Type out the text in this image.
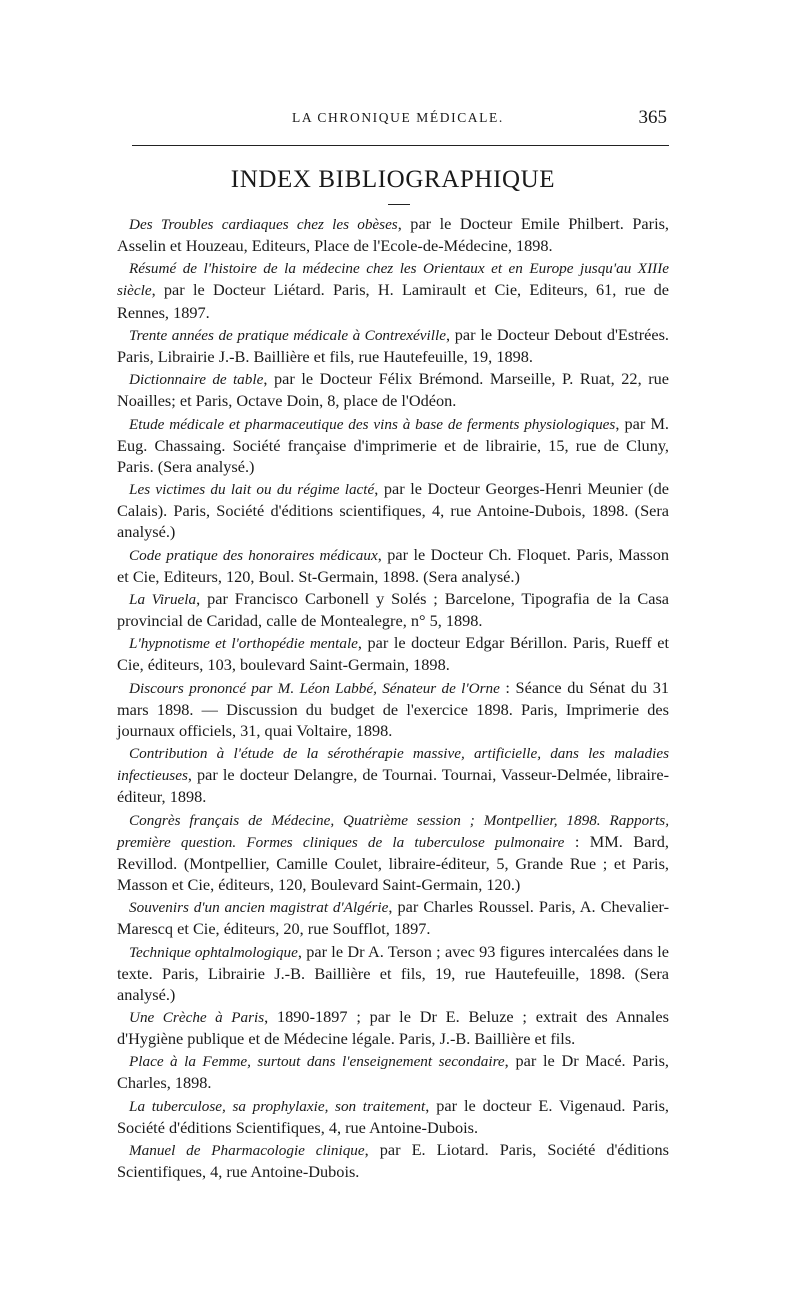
LA CHRONIQUE MÉDICALE.	365
INDEX BIBLIOGRAPHIQUE

Des Troubles cardiaques chez les obèses, par le Docteur Emile Philbert. Paris, Asselin et Houzeau, Editeurs, Place de l'Ecole-de-Médecine, 1898.

Résumé de l'histoire de la médecine chez les Orientaux et en Europe jusqu'au XIIIe siècle, par le Docteur Liétard. Paris, H. Lamirault et Cie, Editeurs, 61, rue de Rennes, 1897.

Trente années de pratique médicale à Contrexéville, par le Docteur Debout d'Estrées. Paris, Librairie J.-B. Baillière et fils, rue Hautefeuille, 19, 1898.

Dictionnaire de table, par le Docteur Félix Brémond. Marseille, P. Ruat, 22, rue Noailles; et Paris, Octave Doin, 8, place de l'Odéon.

Etude médicale et pharmaceutique des vins à base de ferments physiologiques, par M. Eug. Chassaing. Société française d'imprimerie et de librairie, 15, rue de Cluny, Paris. (Sera analysé.)

Les victimes du lait ou du régime lacté, par le Docteur Georges-Henri Meunier (de Calais). Paris, Société d'éditions scientifiques, 4, rue Antoine-Dubois, 1898. (Sera analysé.)

Code pratique des honoraires médicaux, par le Docteur Ch. Floquet. Paris, Masson et Cie, Editeurs, 120, Boul. St-Germain, 1898. (Sera analysé.)

La Viruela, par Francisco Carbonell y Solés ; Barcelone, Tipografia de la Casa provincial de Caridad, calle de Montealegre, n° 5, 1898.

L'hypnotisme et l'orthopédie mentale, par le docteur Edgar Bérillon. Paris, Rueff et Cie, éditeurs, 103, boulevard Saint-Germain, 1898.

Discours prononcé par M. Léon Labbé, Sénateur de l'Orne : Séance du Sénat du 31 mars 1898. — Discussion du budget de l'exercice 1898. Paris, Imprimerie des journaux officiels, 31, quai Voltaire, 1898.

Contribution à l'étude de la sérothérapie massive, artificielle, dans les maladies infectieuses, par le docteur Delangre, de Tournai. Tournai, Vasseur-Delmée, libraire-éditeur, 1898.

Congrès français de Médecine, Quatrième session ; Montpellier, 1898. Rapports, première question. Formes cliniques de la tuberculose pulmonaire : MM. Bard, Revillod. (Montpellier, Camille Coulet, libraire-éditeur, 5, Grande Rue ; et Paris, Masson et Cie, éditeurs, 120, Boulevard Saint-Germain, 120.)

Souvenirs d'un ancien magistrat d'Algérie, par Charles Roussel. Paris, A. Chevalier-Marescq et Cie, éditeurs, 20, rue Soufflot, 1897.

Technique ophtalmologique, par le Dr A. Terson ; avec 93 figures intercalées dans le texte. Paris, Librairie J.-B. Baillière et fils, 19, rue Hautefeuille, 1898. (Sera analysé.)

Une Crèche à Paris, 1890-1897 ; par le Dr E. Beluze ; extrait des Annales d'Hygiène publique et de Médecine légale. Paris, J.-B. Baillière et fils.

Place à la Femme, surtout dans l'enseignement secondaire, par le Dr Macé. Paris, Charles, 1898.

La tuberculose, sa prophylaxie, son traitement, par le docteur E. Vigenaud. Paris, Société d'éditions Scientifiques, 4, rue Antoine-Dubois.

Manuel de Pharmacologie clinique, par E. Liotard. Paris, Société d'éditions Scientifiques, 4, rue Antoine-Dubois.
